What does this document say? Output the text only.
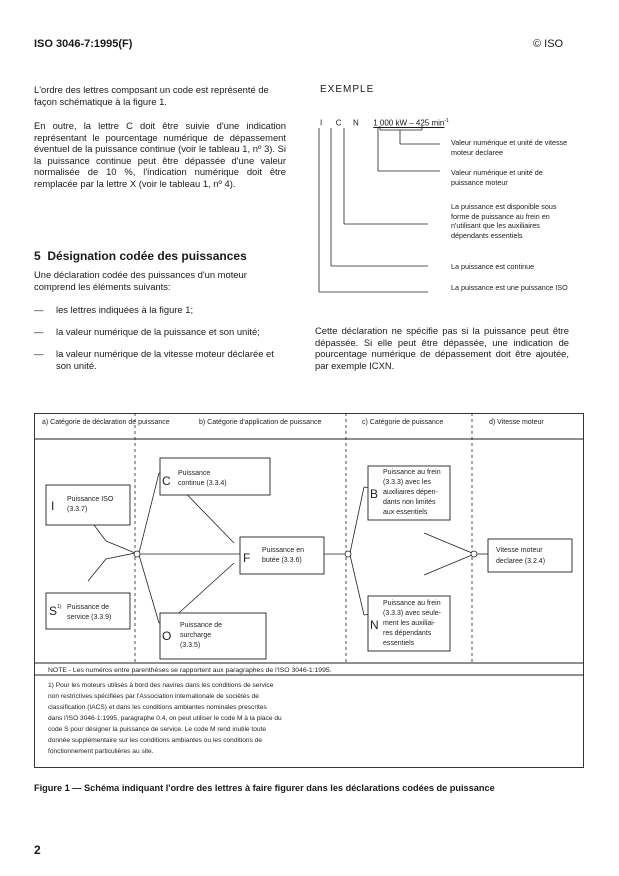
ISO 3046-7:1995(F)	© ISO

L'ordre des lettres composant un code est représenté de façon schématique à la figure 1.

En outre, la lettre C doit être suivie d'une indication représentant le pourcentage numérique de dépassement éventuel de la puissance continue (voir le tableau 1, nº 3). Si la puissance continue peut être dépassée d'une valeur normalisée de 10 %, l'indication numérique doit être remplacée par la lettre X (voir le tableau 1, nº 4).

5 Désignation codée des puissances

Une déclaration codée des puissances d'un moteur comprend les éléments suivants:

— les lettres indiquées à la figure 1;
— la valeur numérique de la puissance et son unité;
— la valeur numérique de la vitesse moteur déclarée et son unité.
EXEMPLE
I C N 1 000 kW – 425 $\min^{-1}$
Valeur numérique et unité de vitesse moteur declaree
Valeur numérique et unité de puissance moteur
La puissance est disponible sous forme de puissance au frein en n'utilisant que les auxiliaires dépendants essentiels
La puissance est continue
La puissance est une puissance ISO

Cette déclaration ne spécifie pas si la puissance peut être dépassée. Si elle peut être dépassée, une indication de pourcentage numérique de dépassement doit être ajoutée, par exemple ICXN.

a) Catégorie de déclaration de puissance	b) Catégorie d'application de puissance	c) Catégorie de puissance	d) Vitesse moteur
I Puissance ISO
(3.3.7)
S 1) Puissance de
service (3.3.9)
C
Puissance
continue (3.3.4)
O
Puissance de
surcharge
(3.3.5)
F
Puissance en
butée (3.3.6)
B
Puissance au frein
(3.3.3) avec les
auxiliaires dépen-
dants non limités
aux essentiels
N
Puissance au frein
(3.3.3) avec seule-
ment les auxiliai-
res dépendants
essentiels
Vitesse moteur
declaree (3.2.4)
NOTE - Les numéros entre parenthèses se rapportent aux paragraphes de l'ISO 3046-1:1995.
1) Pour les moteurs utilisés à bord des navires dans les conditions de service
non restrictives spécifiées par l'Association internationale de sociétés de
classification (IACS) et dans les conditions ambiantes nominales prescrites
dans l'ISO 3046-1:1995, paragraphe 0.4, on peut utiliser le code M à la place du
code S pour désigner la puissance de service. Le code M rend inutile toute
donnée supplémentaire sur les conditions ambiantes ou les conditions de
fonctionnement particulières au site.
Figure 1 — Schéma indiquant l'ordre des lettres à faire figurer dans les déclarations codées de puissance
2
